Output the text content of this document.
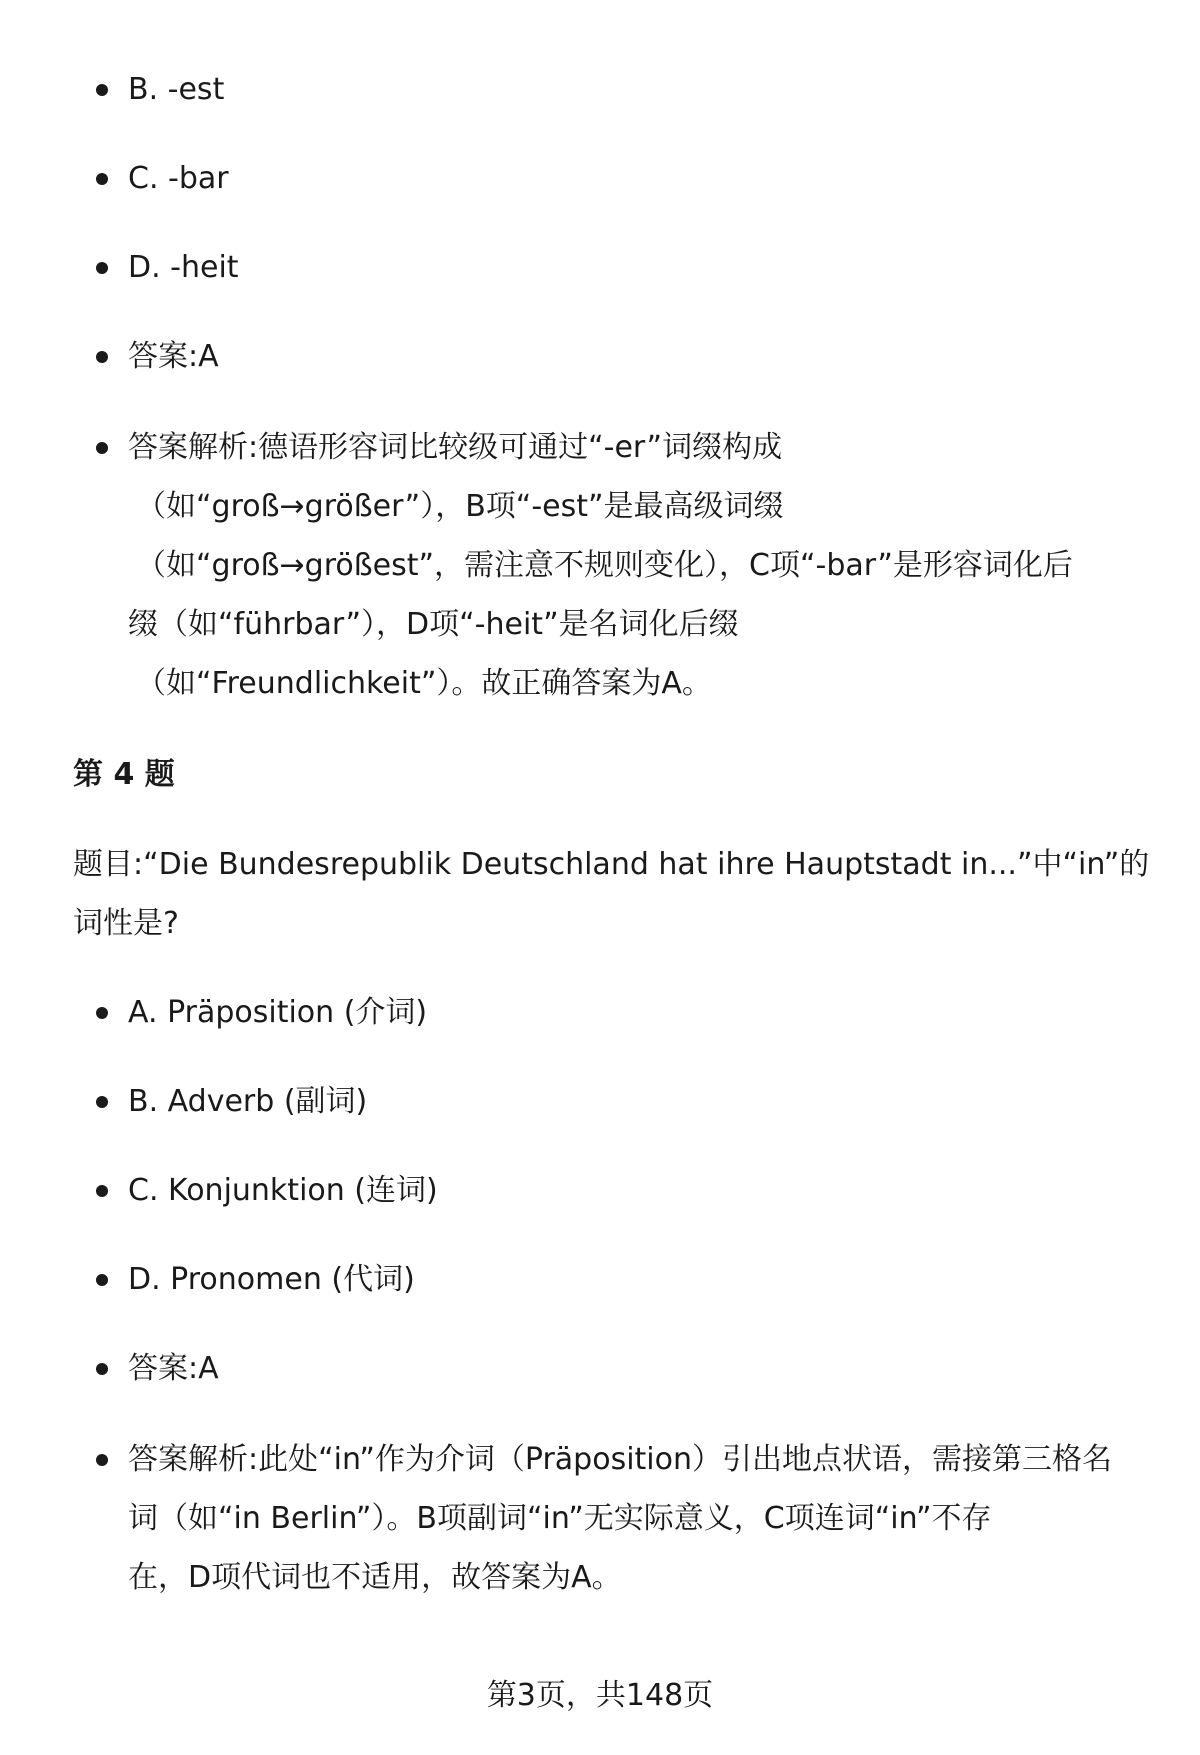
B. -est
C. -bar
D. -heit
答案:A
答案解析:德语形容词比较级可通过“-er”词缀构成
（如“groß→größer”），B项“-est”是最高级词缀
（如“groß→größest”，需注意不规则变化），C项“-bar”是形容词化后
缀（如“führbar”），D项“-heit”是名词化后缀
（如“Freundlichkeit”）。故正确答案为A。
第 4 题
题目:“Die Bundesrepublik Deutschland hat ihre Hauptstadt in...”中“in”的
词性是?
A. Präposition (介词)
B. Adverb (副词)
C. Konjunktion (连词)
D. Pronomen (代词)
答案:A
答案解析:此处“in”作为介词（Präposition）引出地点状语，需接第三格名
词（如“in Berlin”）。B项副词“in”无实际意义，C项连词“in”不存
在，D项代词也不适用，故答案为A。
第3页，共148页
